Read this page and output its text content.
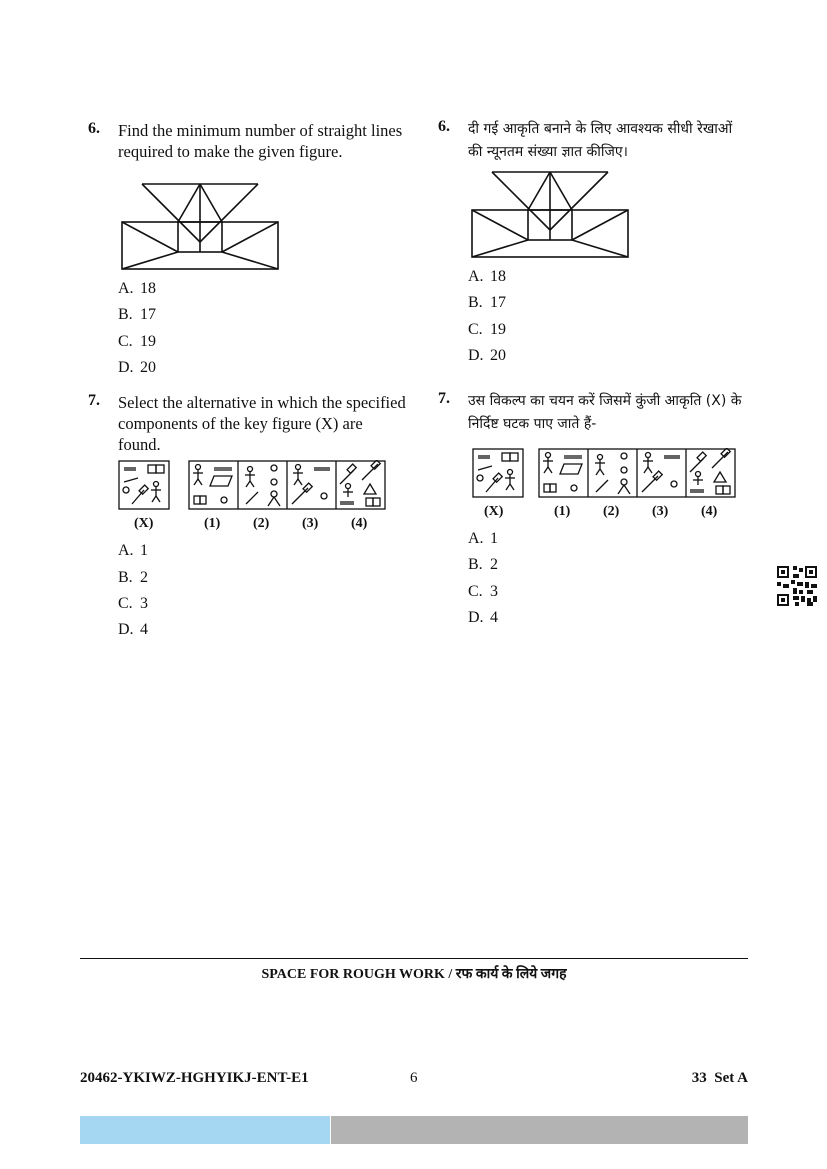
6. Find the minimum number of straight lines required to make the given figure.
A. 18
B. 17
C. 19
D. 20
7. Select the alternative in which the specified components of the key figure (X) are found.
(X)	(1) (2) (3) (4)
A. 1
B. 2
C. 3
D. 4
6. दी गई आकृति बनाने के लिए आवश्यक सीधी रेखाओं की न्यूनतम संख्या ज्ञात कीजिए।
A. 18
B. 17
C. 19
D. 20
7. उस विकल्प का चयन करें जिसमें कुंजी आकृति (X) के निर्दिष्ट घटक पाए जाते हैं-
(X)	(1) (2) (3) (4)
A. 1
B. 2
C. 3
D. 4
SPACE FOR ROUGH WORK / रफ कार्य के लिये जगह
20462-YKIWZ-HGHYIKJ-ENT-E1	6	33 Set A
